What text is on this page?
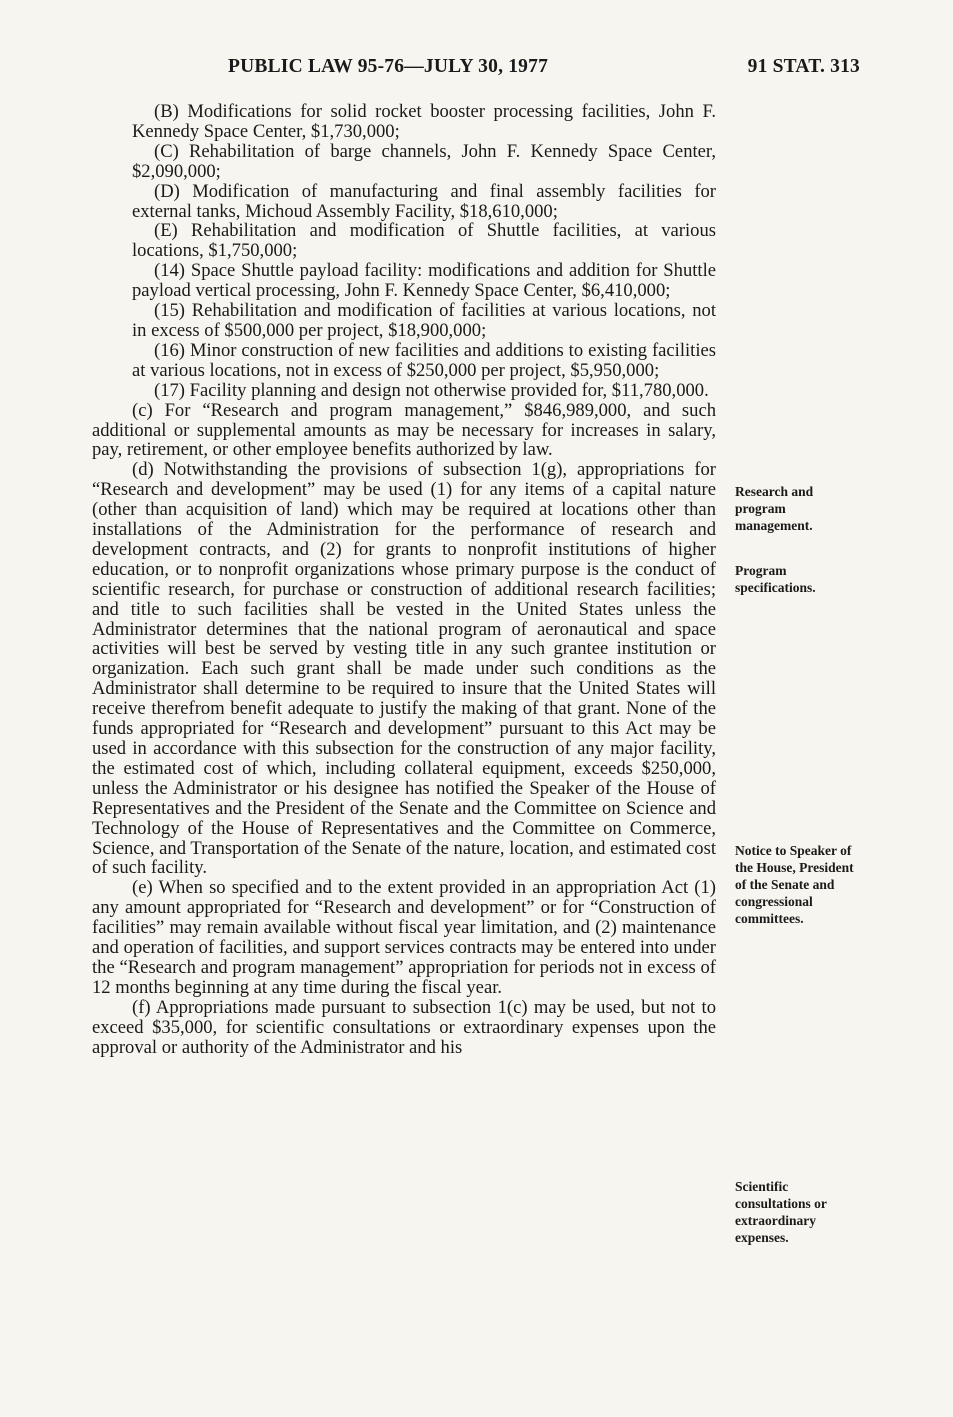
PUBLIC LAW 95-76—JULY 30, 1977	91 STAT. 313

(B) Modifications for solid rocket booster processing facilities, John F. Kennedy Space Center, $1,730,000;

(C) Rehabilitation of barge channels, John F. Kennedy Space Center, $2,090,000;

(D) Modification of manufacturing and final assembly facilities for external tanks, Michoud Assembly Facility, $18,610,000;

(E) Rehabilitation and modification of Shuttle facilities, at various locations, $1,750,000;

(14) Space Shuttle payload facility: modifications and addition for Shuttle payload vertical processing, John F. Kennedy Space Center, $6,410,000;

(15) Rehabilitation and modification of facilities at various locations, not in excess of $500,000 per project, $18,900,000;

(16) Minor construction of new facilities and additions to existing facilities at various locations, not in excess of $250,000 per project, $5,950,000;

(17) Facility planning and design not otherwise provided for, $11,780,000.

(c) For “Research and program management,” $846,989,000, and such additional or supplemental amounts as may be necessary for increases in salary, pay, retirement, or other employee benefits authorized by law.

(d) Notwithstanding the provisions of subsection 1(g), appropriations for “Research and development” may be used (1) for any items of a capital nature (other than acquisition of land) which may be required at locations other than installations of the Administration for the performance of research and development contracts, and (2) for grants to nonprofit institutions of higher education, or to nonprofit organizations whose primary purpose is the conduct of scientific research, for purchase or construction of additional research facilities; and title to such facilities shall be vested in the United States unless the Administrator determines that the national program of aeronautical and space activities will best be served by vesting title in any such grantee institution or organization. Each such grant shall be made under such conditions as the Administrator shall determine to be required to insure that the United States will receive therefrom benefit adequate to justify the making of that grant. None of the funds appropriated for “Research and development” pursuant to this Act may be used in accordance with this subsection for the construction of any major facility, the estimated cost of which, including collateral equipment, exceeds $250,000, unless the Administrator or his designee has notified the Speaker of the House of Representatives and the President of the Senate and the Committee on Science and Technology of the House of Representatives and the Committee on Commerce, Science, and Transportation of the Senate of the nature, location, and estimated cost of such facility.

(e) When so specified and to the extent provided in an appropriation Act (1) any amount appropriated for “Research and development” or for “Construction of facilities” may remain available without fiscal year limitation, and (2) maintenance and operation of facilities, and support services contracts may be entered into under the “Research and program management” appropriation for periods not in excess of 12 months beginning at any time during the fiscal year.

(f) Appropriations made pursuant to subsection 1(c) may be used, but not to exceed $35,000, for scientific consultations or extraordinary expenses upon the approval or authority of the Administrator and his

Research and program management.
Program specifications.
Notice to Speaker of the House, President of the Senate and congressional committees.
Scientific consultations or extraordinary expenses.
